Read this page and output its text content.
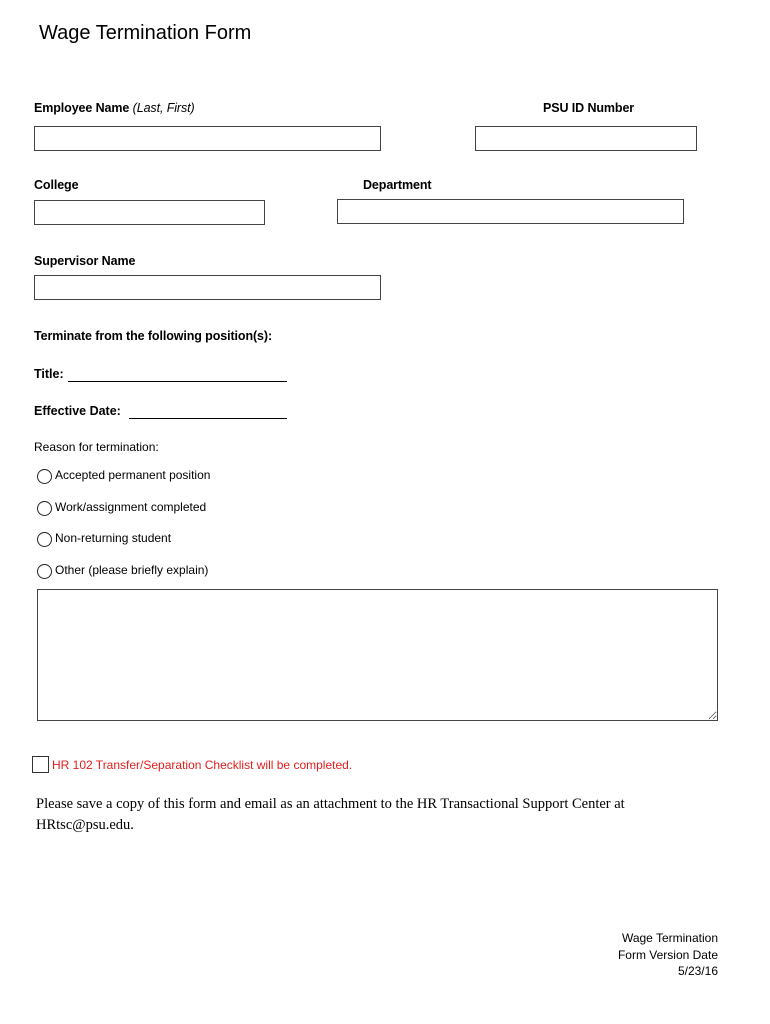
Wage Termination Form
Employee Name (Last, First)	PSU ID Number
College	Department
Supervisor Name
Terminate from the following position(s):
Title:
Effective Date:
Reason for termination:
Accepted permanent position
Work/assignment completed
Non-returning student
Other (please briefly explain)
HR 102 Transfer/Separation Checklist will be completed.
Please save a copy of this form and email as an attachment to the HR Transactional Support Center at HRtsc@psu.edu.
Wage Termination
Form Version Date
5/23/16
